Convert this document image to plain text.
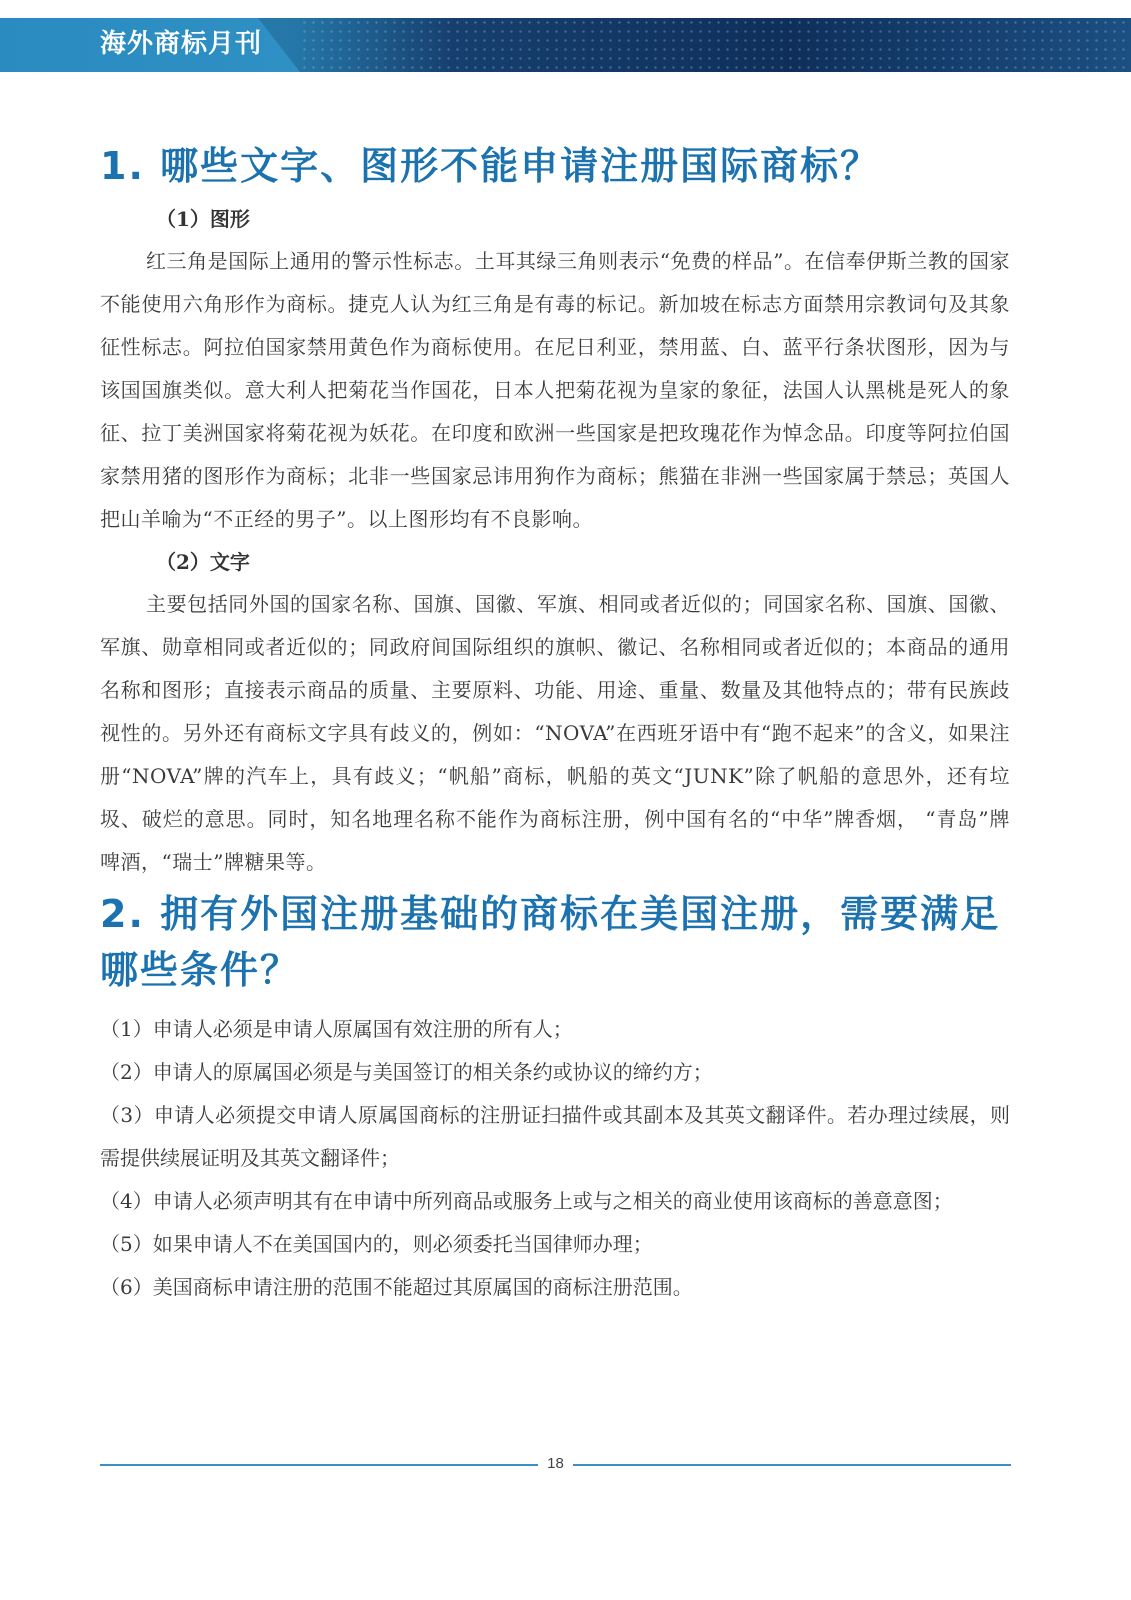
海外商标月刊
1. 哪些文字、图形不能申请注册国际商标？
（1）图形

红三角是国际上通用的警示性标志。土耳其绿三角则表示“免费的样品”。在信奉伊斯兰教的国家不能使用六角形作为商标。捷克人认为红三角是有毒的标记。新加坡在标志方面禁用宗教词句及其象征性标志。阿拉伯国家禁用黄色作为商标使用。在尼日利亚，禁用蓝、白、蓝平行条状图形，因为与该国国旗类似。意大利人把菊花当作国花，日本人把菊花视为皇家的象征，法国人认黑桃是死人的象征、拉丁美洲国家将菊花视为妖花。在印度和欧洲一些国家是把玫瑰花作为悼念品。印度等阿拉伯国家禁用猪的图形作为商标；北非一些国家忌讳用狗作为商标；熊猫在非洲一些国家属于禁忌；英国人把山羊喻为“不正经的男子”。以上图形均有不良影响。

（2）文字

主要包括同外国的国家名称、国旗、国徽、军旗、相同或者近似的；同国家名称、国旗、国徽、军旗、勋章相同或者近似的；同政府间国际组织的旗帜、徽记、名称相同或者近似的；本商品的通用名称和图形；直接表示商品的质量、主要原料、功能、用途、重量、数量及其他特点的；带有民族歧视性的。另外还有商标文字具有歧义的，例如：“NOVA”在西班牙语中有“跑不起来”的含义，如果注册“NOVA”牌的汽车上，具有歧义；“帆船”商标，帆船的英文“JUNK”除了帆船的意思外，还有垃圾、破烂的意思。同时，知名地理名称不能作为商标注册，例中国有名的“中华”牌香烟， “青岛”牌啤酒，“瑞士”牌糖果等。

2. 拥有外国注册基础的商标在美国注册，需要满足哪些条件？
（1）申请人必须是申请人原属国有效注册的所有人；
（2）申请人的原属国必须是与美国签订的相关条约或协议的缔约方；
（3）申请人必须提交申请人原属国商标的注册证扫描件或其副本及其英文翻译件。若办理过续展，则需提供续展证明及其英文翻译件；
（4）申请人必须声明其有在申请中所列商品或服务上或与之相关的商业使用该商标的善意意图；
（5）如果申请人不在美国国内的，则必须委托当国律师办理；
（6）美国商标申请注册的范围不能超过其原属国的商标注册范围。
18
